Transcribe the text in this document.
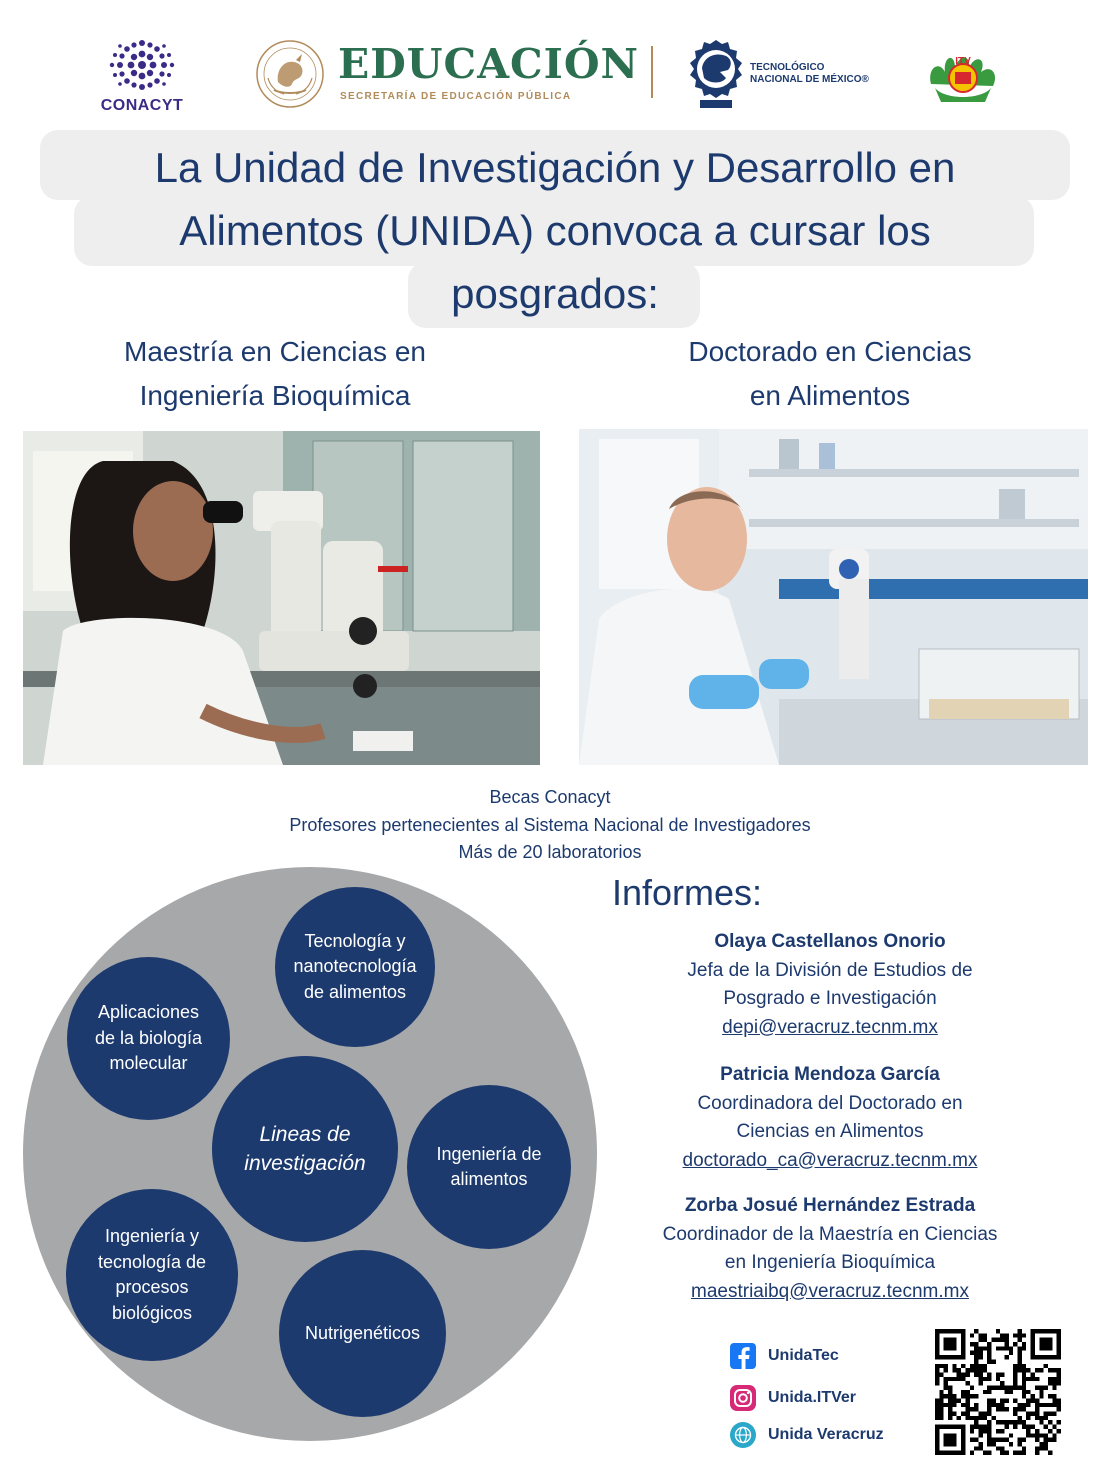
CONACYT
EDUCACIÓN
SECRETARÍA DE EDUCACIÓN PÚBLICA
TECNOLÓGICO
NACIONAL DE MÉXICO®
ITV
La Unidad de Investigación y Desarrollo en
Alimentos (UNIDA) convoca a cursar los
posgrados:
Maestría en Ciencias en
Ingeniería Bioquímica
Doctorado en Ciencias
en Alimentos
Becas Conacyt
Profesores pertenecientes al Sistema Nacional de Investigadores
Más de 20 laboratorios
Tecnología y
nanotecnología
de alimentos
Aplicaciones
de la biología
molecular
Lineas de
investigación	Ingeniería de
alimentos
Ingeniería y
tecnología de
procesos
biológicos
Nutrigenéticos
Informes:
Olaya Castellanos Onorio
Jefa de la División de Estudios de
Posgrado e Investigación
depi@veracruz.tecnm.mx
Patricia Mendoza García
Coordinadora del Doctorado en
Ciencias en Alimentos
doctorado_ca@veracruz.tecnm.mx
Zorba Josué Hernández Estrada
Coordinador de la Maestría en Ciencias
en Ingeniería Bioquímica
maestriaibq@veracruz.tecnm.mx
UnidaTec
Unida.ITVer
Unida Veracruz
